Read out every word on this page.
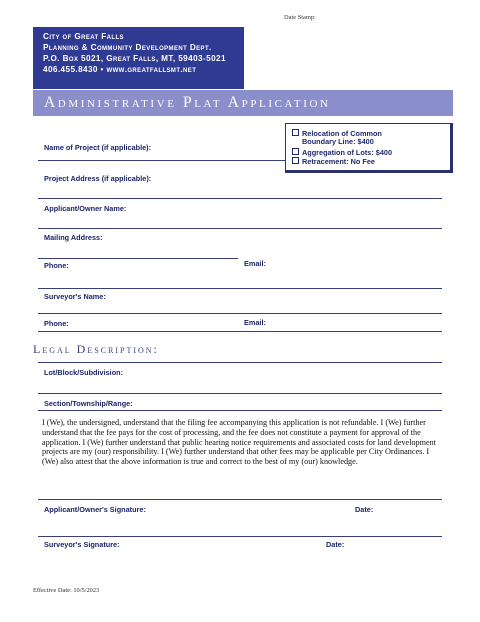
Date Stamp:
City of Great Falls
Planning & Community Development Dept.
P.O. Box 5021, Great Falls, MT, 59403-5021
406.455.8430 • www.greatfallsmt.net
Administrative Plat Application
Relocation of Common
Boundary Line: $400
Aggregation of Lots: $400
Retracement: No Fee
Name of Project (if applicable):
Project Address (if applicable):
Applicant/Owner Name:
Mailing Address:
Phone:	Email:
Surveyor's Name:
Phone:	Email:
Legal Description:
Lot/Block/Subdivision:
Section/Township/Range:
I (We), the undersigned, understand that the filing fee accompanying this application is not refundable. I (We) further understand that the fee pays for the cost of processing, and the fee does not constitute a payment for approval of the application. I (We) further understand that public hearing notice requirements and associated costs for land development projects are my (our) responsibility. I (We) further understand that other fees may be applicable per City Ordinances. I (We) also attest that the above information is true and correct to the best of my (our) knowledge.
Applicant/Owner's Signature:	Date:
Surveyor's Signature:	Date:
Effective Date: 10/5/2023
